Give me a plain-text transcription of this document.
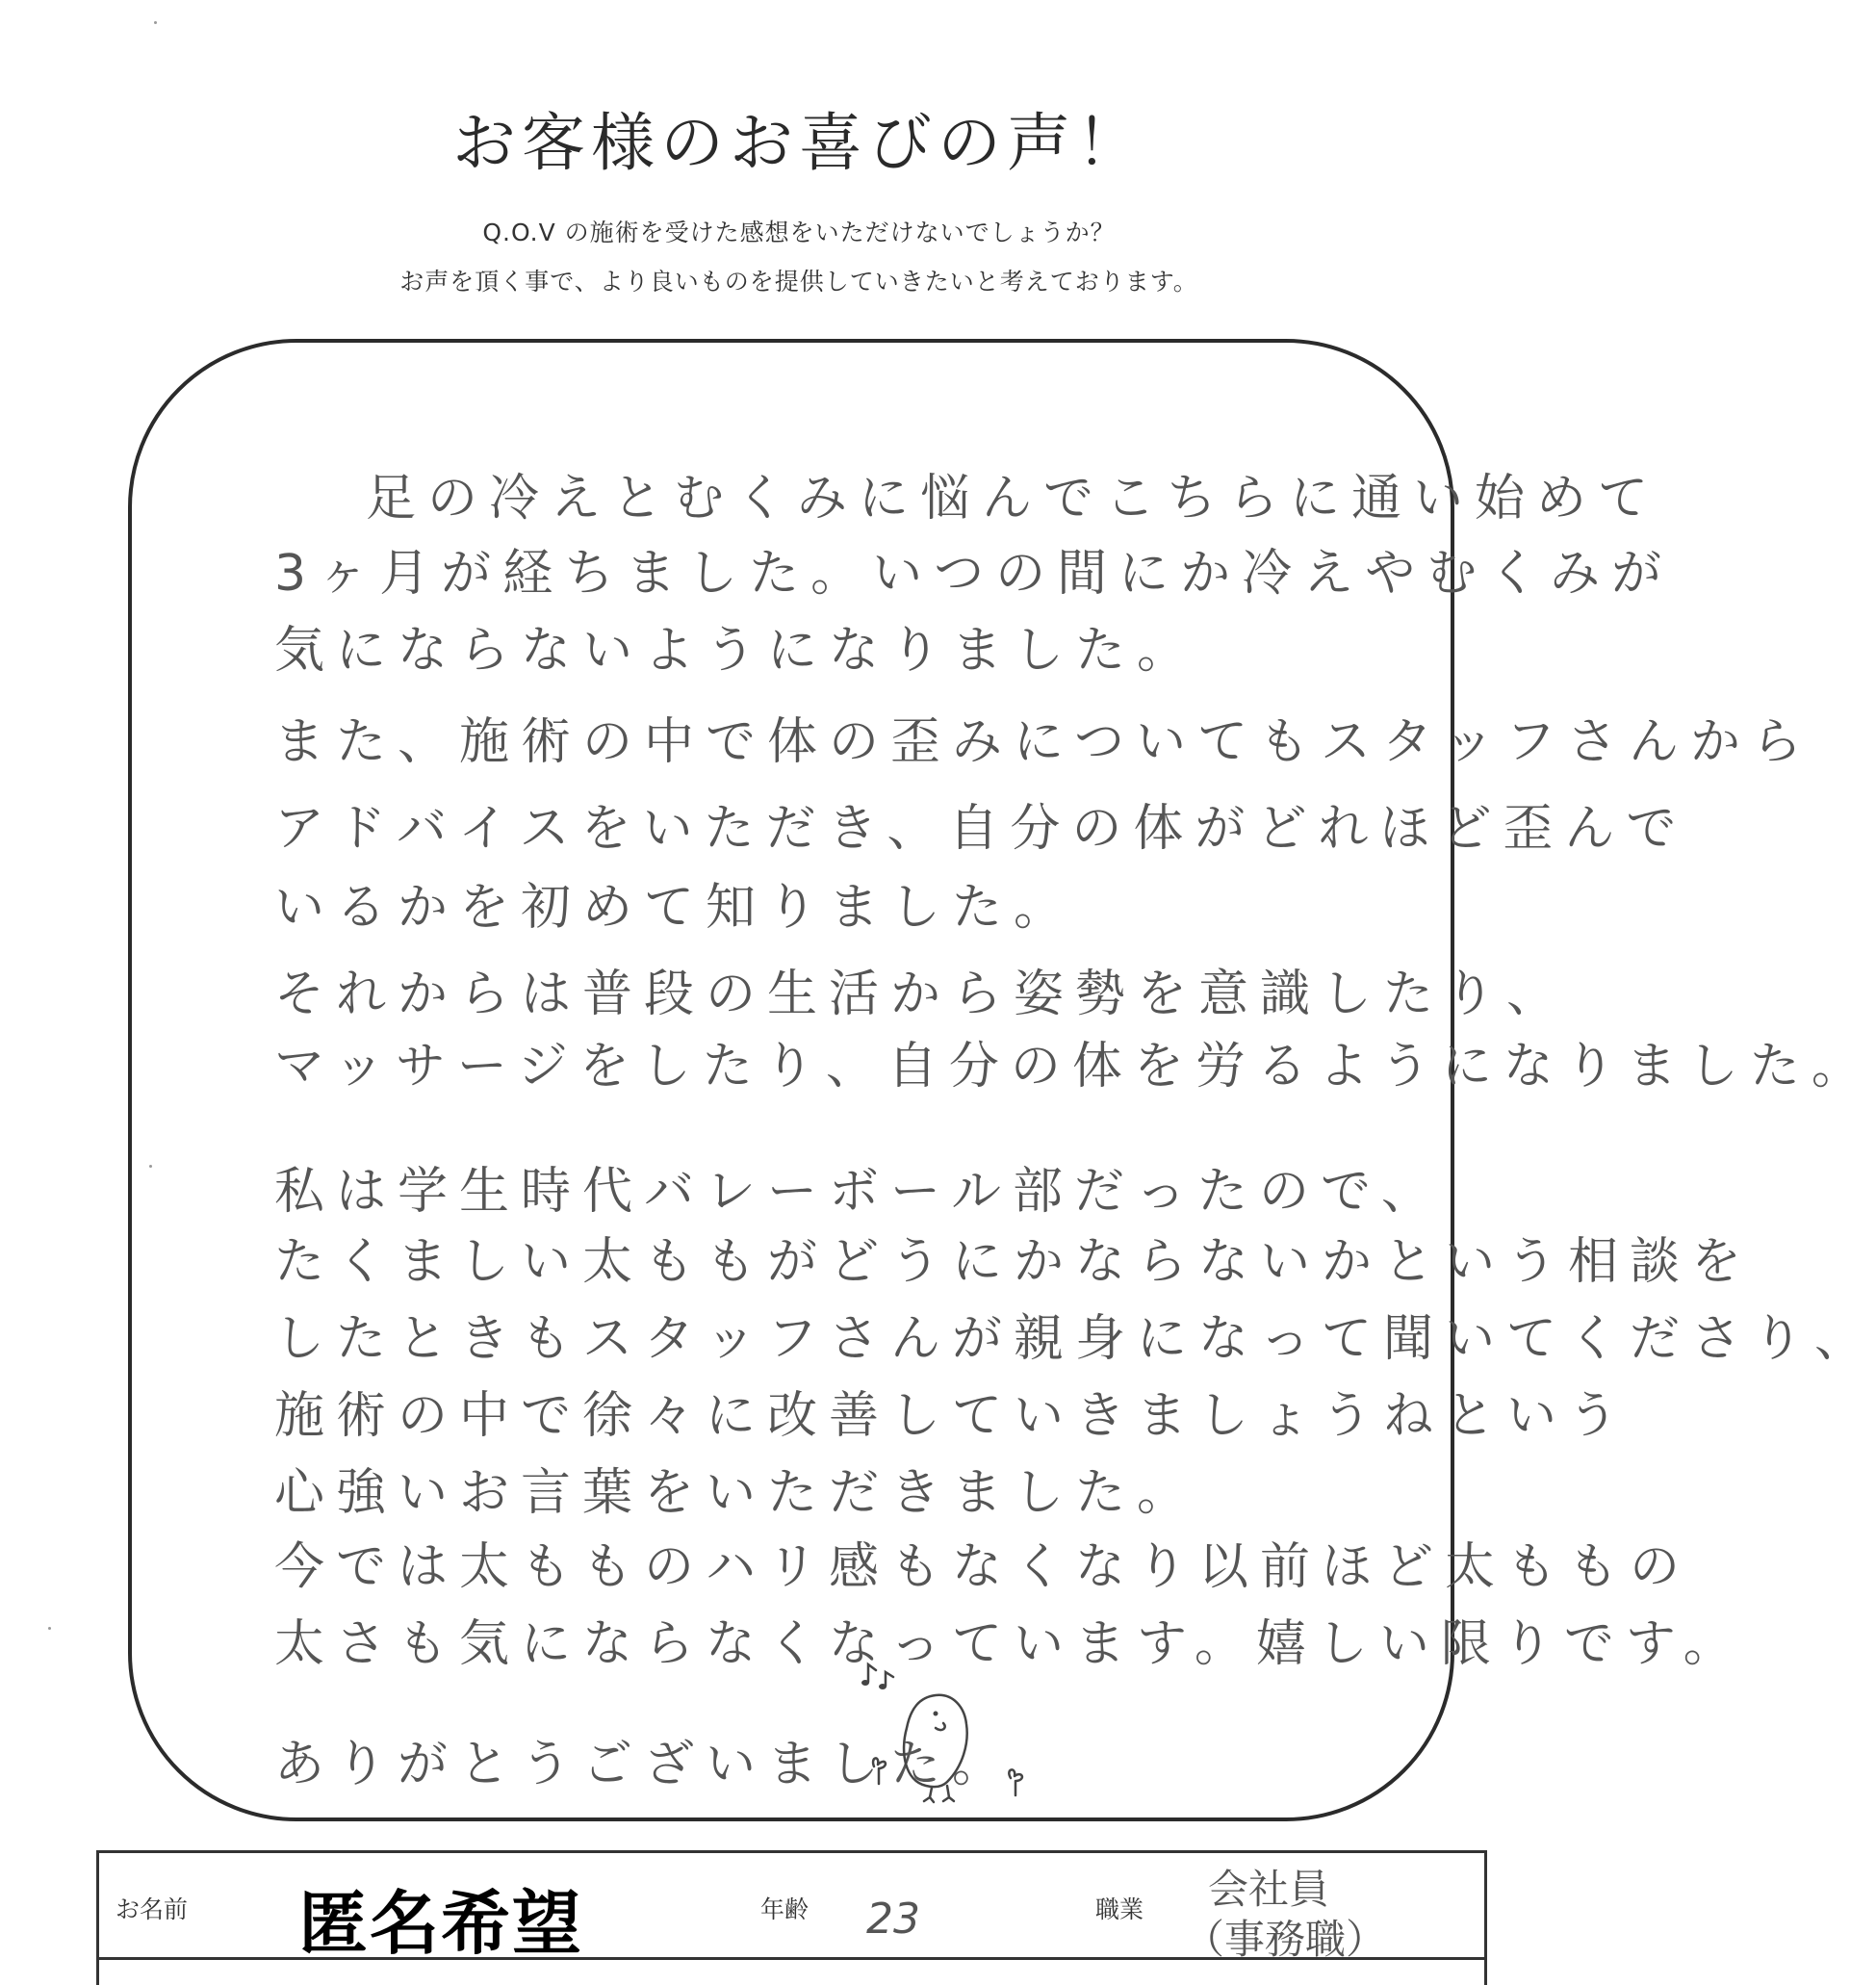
お客様のお喜びの声！
Q.O.V の施術を受けた感想をいただけないでしょうか？
お声を頂く事で、より良いものを提供していきたいと考えております。
足の冷えとむくみに悩んでこちらに通い始めて
3ヶ月が経ちました。いつの間にか冷えやむくみが
気にならないようになりました。
また、施術の中で体の歪みについてもスタッフさんから
アドバイスをいただき、自分の体がどれほど歪んで
いるかを初めて知りました。
それからは普段の生活から姿勢を意識したり、
マッサージをしたり、自分の体を労るようになりました。
私は学生時代バレーボール部だったので、
たくましい太ももがどうにかならないかという相談を
したときもスタッフさんが親身になって聞いてくださり、
施術の中で徐々に改善していきましょうねという
心強いお言葉をいただきました。
今では太もものハリ感もなくなり以前ほど太ももの
太さも気にならなくなっています。嬉しい限りです。
ありがとうございました。
お名前 匿名希望	年齢 23	職業 会社員
（事務職）
